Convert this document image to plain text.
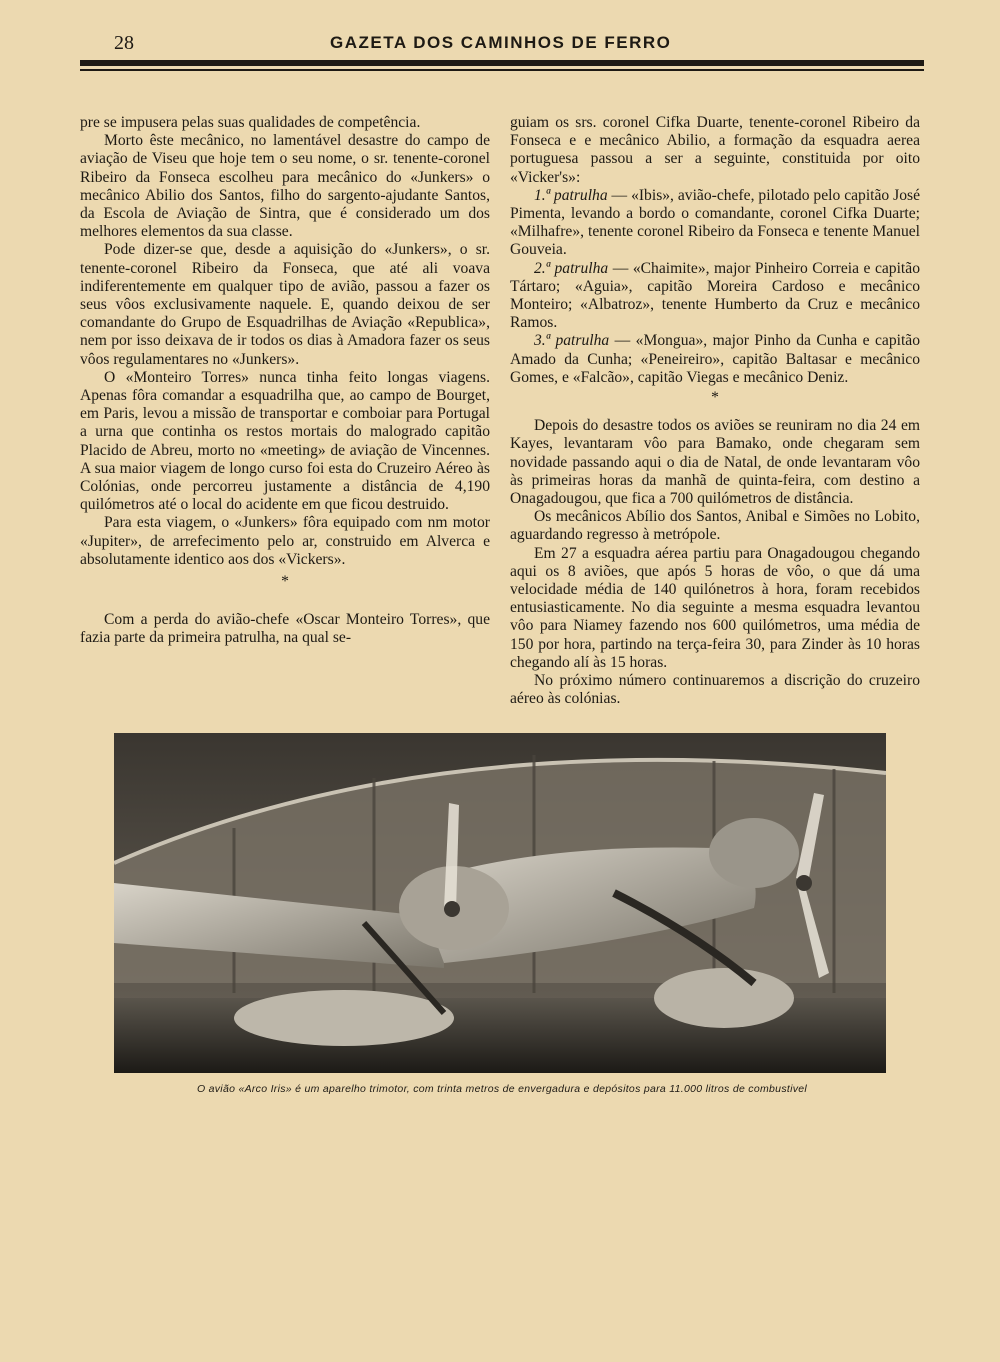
28	GAZETA DOS CAMINHOS DE FERRO

pre se impusera pelas suas qualidades de competência.

Morto êste mecânico, no lamentável desastre do campo de aviação de Viseu que hoje tem o seu nome, o sr. tenente-coronel Ribeiro da Fonseca escolheu para mecânico do «Junkers» o mecânico Abilio dos Santos, filho do sargento-ajudante Santos, da Escola de Aviação de Sintra, que é considerado um dos melhores elementos da sua classe.

Pode dizer-se que, desde a aquisição do «Junkers», o sr. tenente-coronel Ribeiro da Fonseca, que até ali voava indiferentemente em qualquer tipo de avião, passou a fazer os seus vôos exclusivamente naquele. E, quando deixou de ser comandante do Grupo de Esquadrilhas de Aviação «Republica», nem por isso deixava de ir todos os dias à Amadora fazer os seus vôos regulamentares no «Junkers».

O «Monteiro Torres» nunca tinha feito longas viagens. Apenas fôra comandar a esquadrilha que, ao campo de Bourget, em Paris, levou a missão de transportar e comboiar para Portugal a urna que continha os restos mortais do malogrado capitão Placido de Abreu, morto no «meeting» de aviação de Vincennes. A sua maior viagem de longo curso foi esta do Cruzeiro Aéreo às Colónias, onde percorreu justamente a distância de 4,190 quilómetros até o local do acidente em que ficou destruido.

Para esta viagem, o «Junkers» fôra equipado com nm motor «Jupiter», de arrefecimento pelo ar, construido em Alverca e absolutamente identico aos dos «Vickers».

*

Com a perda do avião-chefe «Oscar Monteiro Torres», que fazia parte da primeira patrulha, na qual se-

guiam os srs. coronel Cifka Duarte, tenente-coronel Ribeiro da Fonseca e e mecânico Abilio, a formação da esquadra aerea portuguesa passou a ser a seguinte, constituida por oito «Vicker's»:

1.ª patrulha — «Ibis», avião-chefe, pilotado pelo capitão José Pimenta, levando a bordo o comandante, coronel Cifka Duarte; «Milhafre», tenente coronel Ribeiro da Fonseca e tenente Manuel Gouveia.

2.ª patrulha — «Chaimite», major Pinheiro Correia e capitão Tártaro; «Aguia», capitão Moreira Cardoso e mecânico Monteiro; «Albatroz», tenente Humberto da Cruz e mecânico Ramos.

3.ª patrulha — «Mongua», major Pinho da Cunha e capitão Amado da Cunha; «Peneireiro», capitão Baltasar e mecânico Gomes, e «Falcão», capitão Viegas e mecânico Deniz.

*

Depois do desastre todos os aviões se reuniram no dia 24 em Kayes, levantaram vôo para Bamako, onde chegaram sem novidade passando aqui o dia de Natal, de onde levantaram vôo às primeiras horas da manhã de quinta-feira, com destino a Onagadougou, que fica a 700 quilómetros de distância.

Os mecânicos Abílio dos Santos, Anibal e Simões no Lobito, aguardando regresso à metrópole.

Em 27 a esquadra aérea partiu para Onagadougou chegando aqui os 8 aviões, que após 5 horas de vôo, o que dá uma velocidade média de 140 quilónetros à hora, foram recebidos entusiasticamente. No dia seguinte a mesma esquadra levantou vôo para Niamey fazendo nos 600 quilómetros, uma média de 150 por hora, partindo na terça-feira 30, para Zinder às 10 horas chegando alí às 15 horas.

No próximo número continuaremos a discrição do cruzeiro aéreo às colónias.

O avião «Arco Iris» é um aparelho trimotor, com trinta metros de envergadura e depósitos para 11.000 litros de combustivel
